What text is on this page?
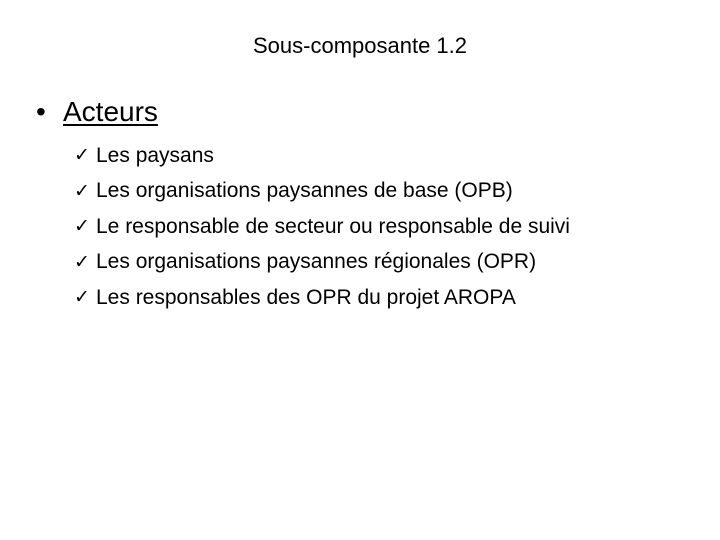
Sous-composante 1.2
• Acteurs
✓ Les paysans
✓ Les organisations paysannes de base (OPB)
✓ Le responsable de secteur ou responsable de suivi
✓ Les organisations paysannes régionales (OPR)
✓ Les responsables des OPR du projet AROPA
